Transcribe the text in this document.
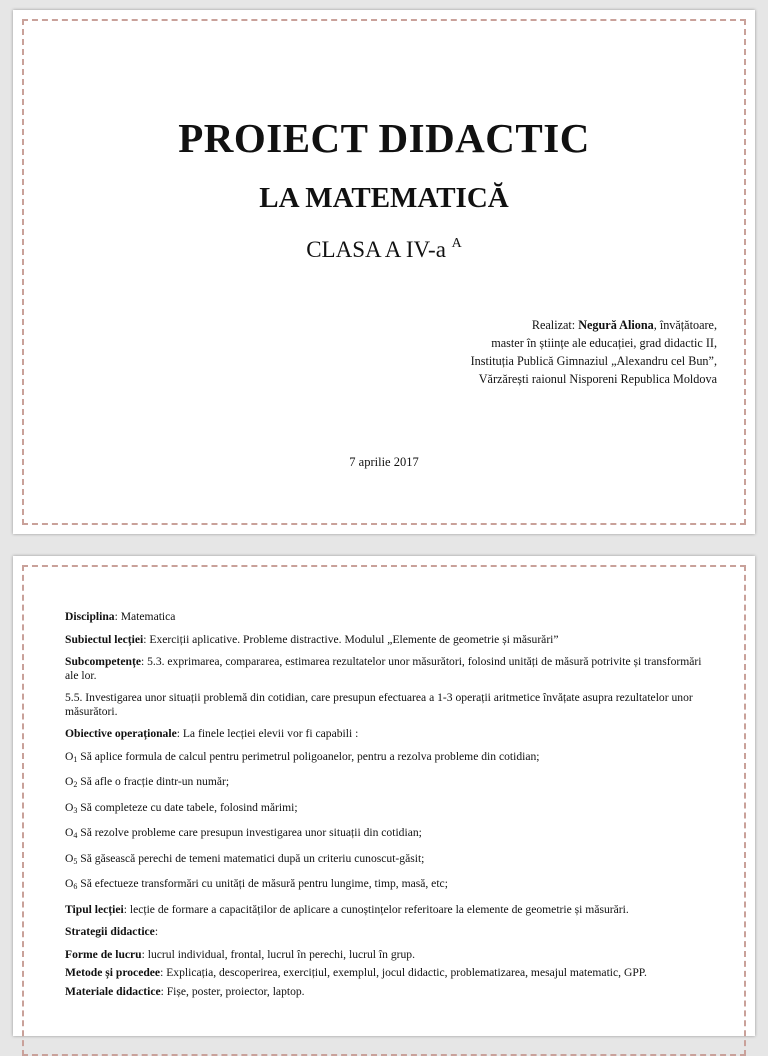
PROIECT DIDACTIC
LA MATEMATICĂ

CLASA A IV-a $^A$

Realizat: Negură Aliona, învățătoare,
master în științe ale educației, grad didactic II,
Instituția Publică Gimnaziul „Alexandru cel Bun”,
Vărzărești raionul Nisporeni Republica Moldova
7 aprilie 2017

Disciplina: Matematica

Subiectul lecției: Exerciții aplicative. Probleme distractive. Modulul „Elemente de geometrie și măsurări”

Subcompetențe: 5.3. exprimarea, compararea, estimarea rezultatelor unor măsurători, folosind unități de măsură potrivite și transformări ale lor.

5.5. Investigarea unor situații problemă din cotidian, care presupun efectuarea a 1-3 operații aritmetice învățate asupra rezultatelor unor măsurători.

Obiective operaționale: La finele lecției elevii vor fi capabili :

$O_1$ Să aplice formula de calcul pentru perimetrul poligoanelor, pentru a rezolva probleme din cotidian;

$O_2$ Să afle o fracție dintr-un număr;

$O_3$ Să completeze cu date tabele, folosind mărimi;

$O_4$ Să rezolve probleme care presupun investigarea unor situații din cotidian;

$O_5$ Să găsească perechi de temeni matematici după un criteriu cunoscut-găsit;

$O_6$ Să efectueze transformări cu unități de măsură pentru lungime, timp, masă, etc;

Tipul lecției: lecție de formare a capacităților de aplicare a cunoștințelor referitoare la elemente de geometrie și măsurări.

Strategii didactice:

Forme de lucru: lucrul individual, frontal, lucrul în perechi, lucrul în grup.

Metode și procedee: Explicația, descoperirea, exercițiul, exemplul, jocul didactic, problematizarea, mesajul matematic, GPP.

Materiale didactice: Fișe, poster, proiector, laptop.
